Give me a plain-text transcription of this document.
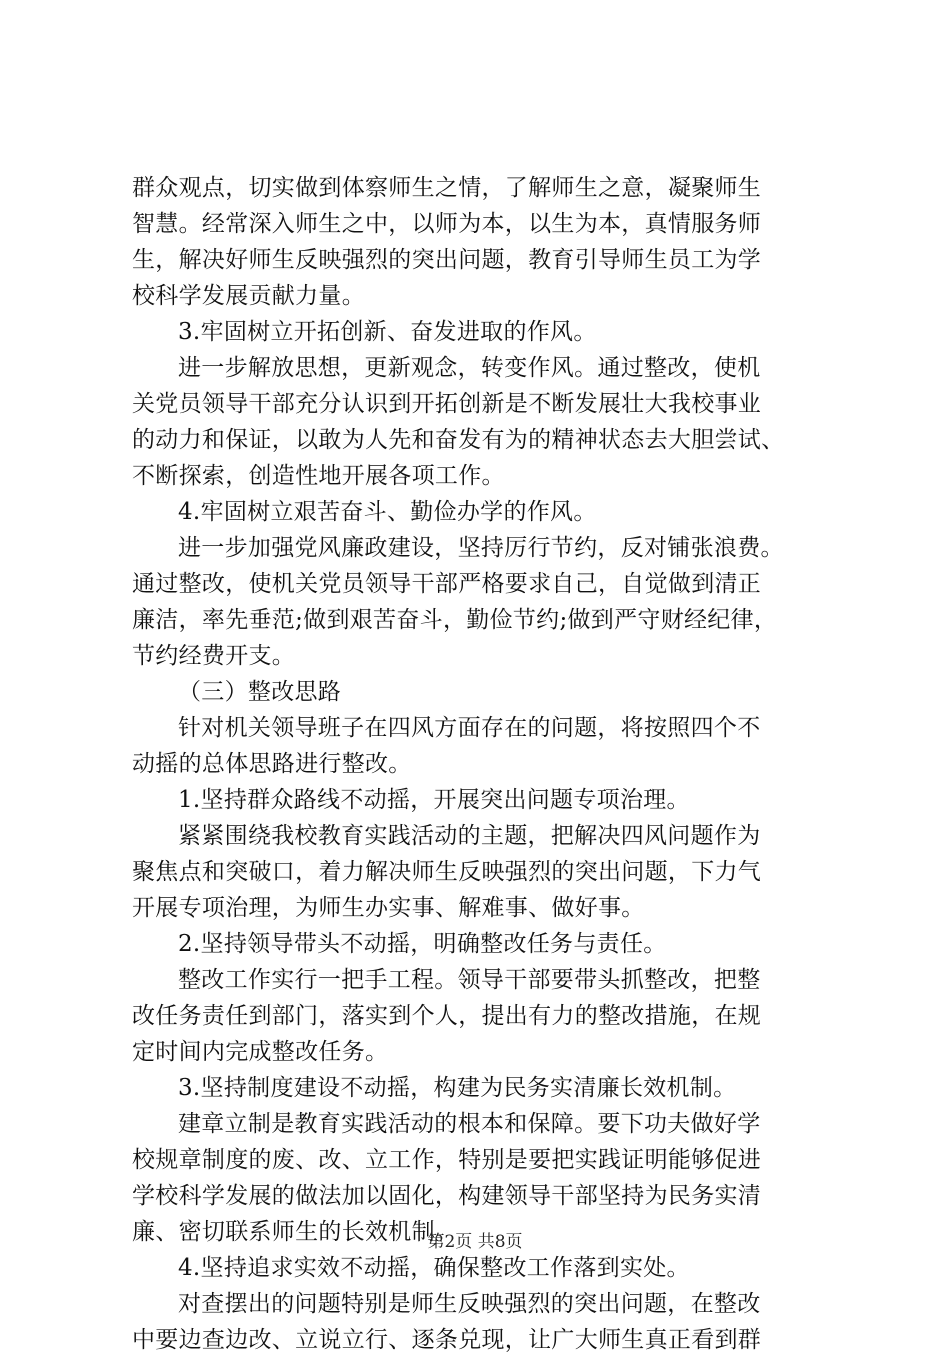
群众观点，切实做到体察师生之情，了解师生之意，凝聚师生
智慧。经常深入师生之中，以师为本，以生为本，真情服务师
生，解决好师生反映强烈的突出问题，教育引导师生员工为学
校科学发展贡献力量。
3.牢固树立开拓创新、奋发进取的作风。
进一步解放思想，更新观念，转变作风。通过整改，使机
关党员领导干部充分认识到开拓创新是不断发展壮大我校事业
的动力和保证，以敢为人先和奋发有为的精神状态去大胆尝试、
不断探索，创造性地开展各项工作。
4.牢固树立艰苦奋斗、勤俭办学的作风。
进一步加强党风廉政建设，坚持厉行节约，反对铺张浪费。
通过整改，使机关党员领导干部严格要求自己，自觉做到清正
廉洁，率先垂范;做到艰苦奋斗，勤俭节约;做到严守财经纪律，
节约经费开支。
（三）整改思路
针对机关领导班子在四风方面存在的问题，将按照四个不
动摇的总体思路进行整改。
1.坚持群众路线不动摇，开展突出问题专项治理。
紧紧围绕我校教育实践活动的主题，把解决四风问题作为
聚焦点和突破口，着力解决师生反映强烈的突出问题，下力气
开展专项治理，为师生办实事、解难事、做好事。
2.坚持领导带头不动摇，明确整改任务与责任。
整改工作实行一把手工程。领导干部要带头抓整改，把整
改任务责任到部门，落实到个人，提出有力的整改措施，在规
定时间内完成整改任务。
3.坚持制度建设不动摇，构建为民务实清廉长效机制。
建章立制是教育实践活动的根本和保障。要下功夫做好学
校规章制度的废、改、立工作，特别是要把实践证明能够促进
学校科学发展的做法加以固化，构建领导干部坚持为民务实清
廉、密切联系师生的长效机制。
4.坚持追求实效不动摇，确保整改工作落到实处。
对查摆出的问题特别是师生反映强烈的突出问题，在整改
中要边查边改、立说立行、逐条兑现，让广大师生真正看到群
第2页 共8页
